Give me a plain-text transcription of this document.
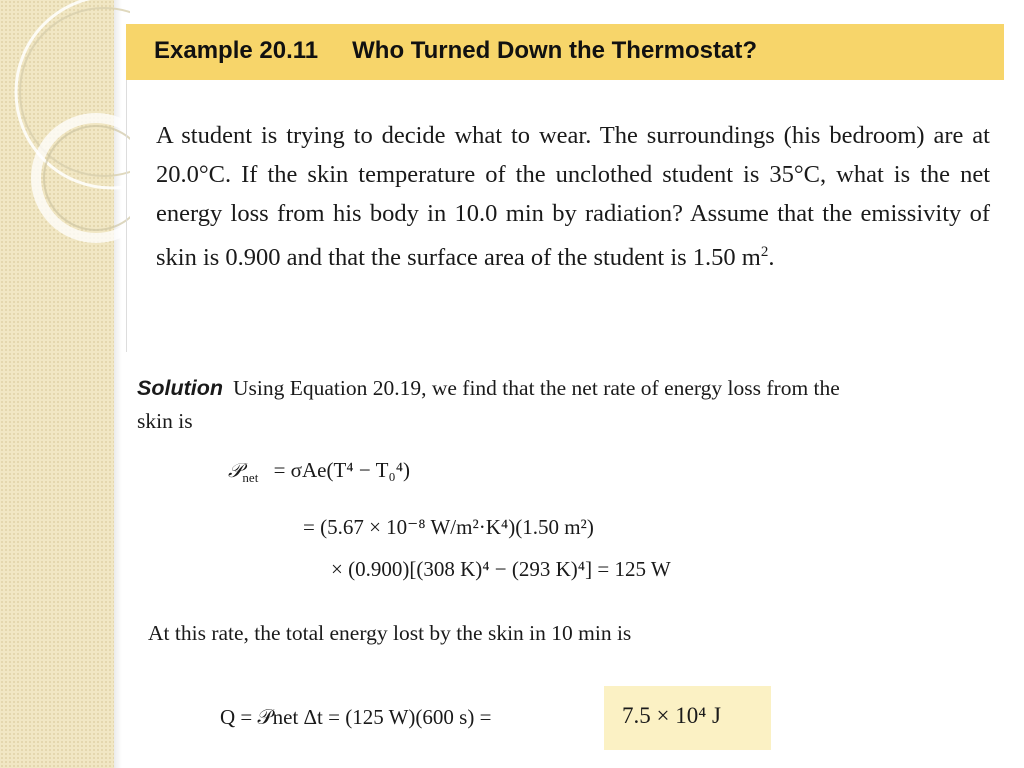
Example 20.11 Who Turned Down the Thermostat?
A student is trying to decide what to wear. The surroundings (his bedroom) are at 20.0°C. If the skin temperature of the unclothed student is 35°C, what is the net energy loss from his body in 10.0 min by radiation? Assume that the emissivity of skin is 0.900 and that the surface area of the student is 1.50 $m^2$.
Solution Using Equation 20.19, we find that the net rate of energy loss from the skin is
𝒫$_{net}$ = σAe(T⁴ − T₀⁴)
= (5.67 × 10⁻⁸ W/m²·K⁴)(1.50 m²)
× (0.900)[(308 K)⁴ − (293 K)⁴] = 125 W
At this rate, the total energy lost by the skin in 10 min is
Q = 𝒫net Δt = (125 W)(600 s) =	7.5 × 10⁴ J
